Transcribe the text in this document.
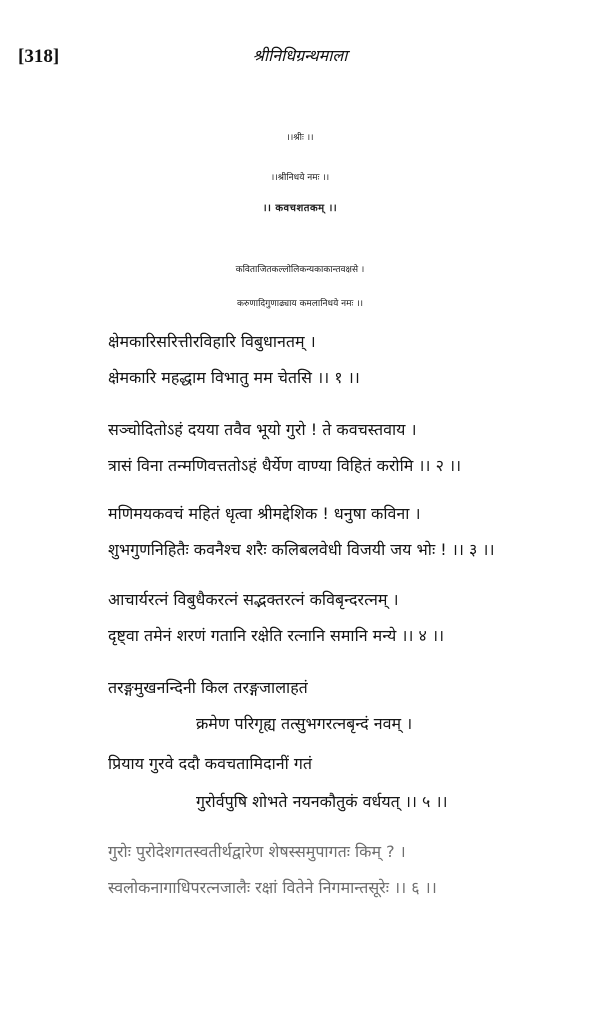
[318]	श्रीनिधिग्रन्थमाला
।।श्रीः ।।
।।श्रीनिधये नमः ।।
।। कवचशतकम् ।।
कविताजितकल्लोलिकन्यकाकान्तवक्षसे ।
करुणादिगुणाढ्याय कमलानिधये नमः ।।
क्षेमकारिसरित्तीरविहारि विबुधानतम् ।
क्षेमकारि महद्धाम विभातु मम चेतसि ।। १ ।।
सञ्चोदितोऽहं दयया तवैव भूयो गुरो ! ते कवचस्तवाय ।
त्रासं विना तन्मणिवत्ततोऽहं धैर्येण वाण्या विहितं करोमि ।। २ ।।
मणिमयकवचं महितं धृत्वा श्रीमद्देशिक ! धनुषा कविना ।
शुभगुणनिहितैः कवनैश्च शरैः कलिबलवेधी विजयी जय भोः ! ।। ३ ।।
आचार्यरत्नं विबुधैकरत्नं सद्भक्तरत्नं कविबृन्दरत्नम् ।
दृष्ट्वा तमेनं शरणं गतानि रक्षेति रत्नानि समानि मन्ये ।। ४ ।।
तरङ्गमुखनन्दिनी किल तरङ्गजालाहतं
क्रमेण परिगृह्य तत्सुभगरत्नबृन्दं नवम् ।
प्रियाय गुरवे ददौ कवचतामिदानीं गतं
गुरोर्वपुषि शोभते नयनकौतुकं वर्धयत् ।। ५ ।।
गुरोः पुरोदेशगतस्वतीर्थद्वारेण शेषस्समुपागतः किम् ? ।
स्वलोकनागाधिपरत्नजालैः रक्षां वितेने निगमान्तसूरेः ।। ६ ।।
